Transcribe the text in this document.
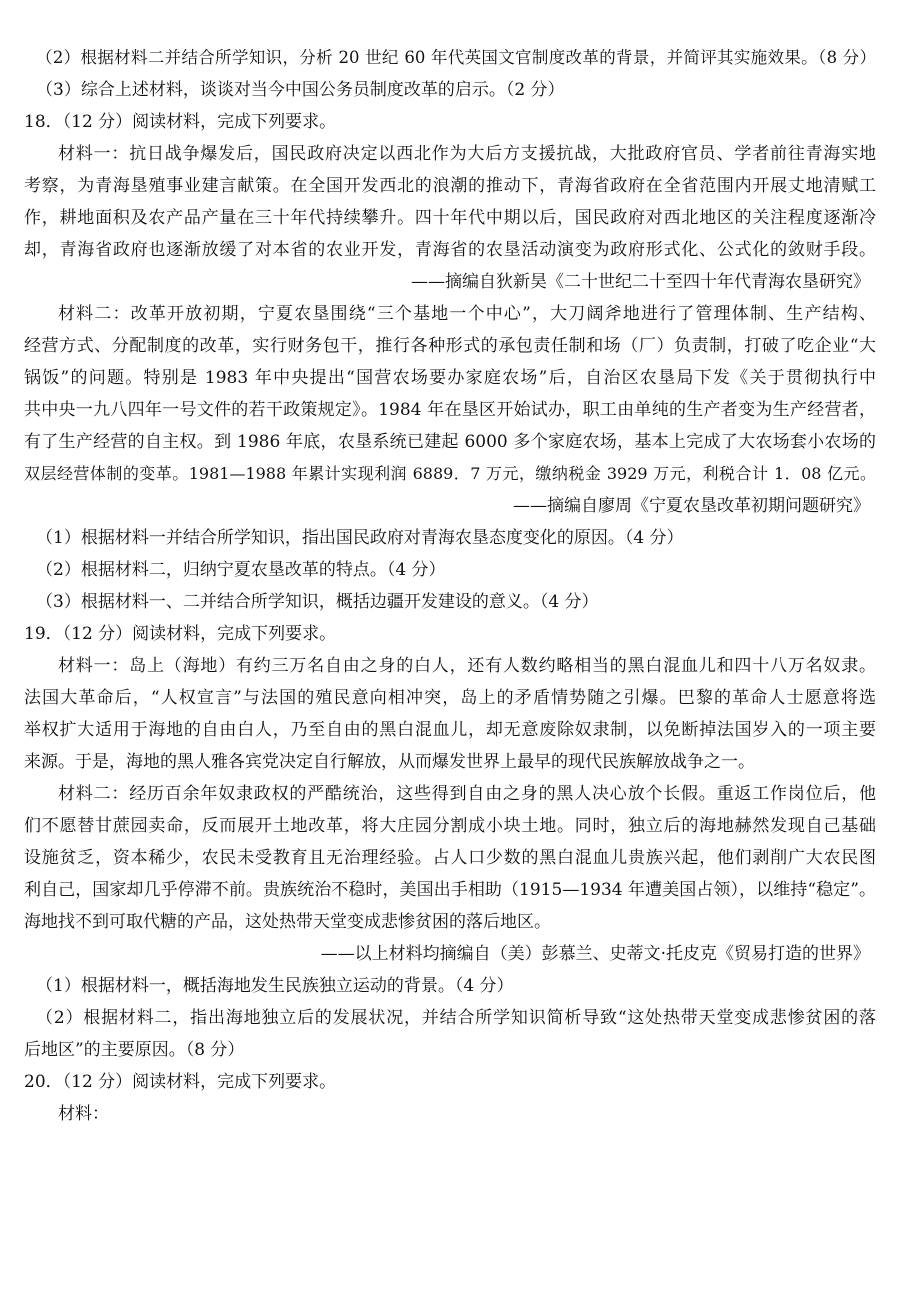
（2）根据材料二并结合所学知识，分析 20 世纪 60 年代英国文官制度改革的背景，并简评其实施效果。（8 分）
（3）综合上述材料，谈谈对当今中国公务员制度改革的启示。（2 分）
18．（12 分）阅读材料，完成下列要求。
材料一：抗日战争爆发后，国民政府决定以西北作为大后方支援抗战，大批政府官员、学者前往青海实地
考察，为青海垦殖事业建言献策。在全国开发西北的浪潮的推动下，青海省政府在全省范围内开展丈地清赋工
作，耕地面积及农产品产量在三十年代持续攀升。四十年代中期以后，国民政府对西北地区的关注程度逐渐冷
却，青海省政府也逐渐放缓了对本省的农业开发，青海省的农垦活动演变为政府形式化、公式化的敛财手段。
——摘编自狄新昊《二十世纪二十至四十年代青海农垦研究》
材料二：改革开放初期，宁夏农垦围绕“三个基地一个中心”，大刀阔斧地进行了管理体制、生产结构、
经营方式、分配制度的改革，实行财务包干，推行各种形式的承包责任制和场（厂）负责制，打破了吃企业“大
锅饭”的问题。特别是 1983 年中央提出“国营农场要办家庭农场”后，自治区农垦局下发《关于贯彻执行中
共中央一九八四年一号文件的若干政策规定》。1984 年在垦区开始试办，职工由单纯的生产者变为生产经营者，
有了生产经营的自主权。到 1986 年底，农垦系统已建起 6000 多个家庭农场，基本上完成了大农场套小农场的
双层经营体制的变革。1981—1988 年累计实现利润 6889．7 万元，缴纳税金 3929 万元，利税合计 1．08 亿元。
——摘编自廖周《宁夏农垦改革初期问题研究》
（1）根据材料一并结合所学知识，指出国民政府对青海农垦态度变化的原因。（4 分）
（2）根据材料二，归纳宁夏农垦改革的特点。（4 分）
（3）根据材料一、二并结合所学知识，概括边疆开发建设的意义。（4 分）
19．（12 分）阅读材料，完成下列要求。
材料一：岛上（海地）有约三万名自由之身的白人，还有人数约略相当的黑白混血儿和四十八万名奴隶。
法国大革命后，“人权宣言”与法国的殖民意向相冲突，岛上的矛盾情势随之引爆。巴黎的革命人士愿意将选
举权扩大适用于海地的自由白人，乃至自由的黑白混血儿，却无意废除奴隶制，以免断掉法国岁入的一项主要
来源。于是，海地的黑人雅各宾党决定自行解放，从而爆发世界上最早的现代民族解放战争之一。
材料二：经历百余年奴隶政权的严酷统治，这些得到自由之身的黑人决心放个长假。重返工作岗位后，他
们不愿替甘蔗园卖命，反而展开土地改革，将大庄园分割成小块土地。同时，独立后的海地赫然发现自己基础
设施贫乏，资本稀少，农民未受教育且无治理经验。占人口少数的黑白混血儿贵族兴起，他们剥削广大农民图
利自己，国家却几乎停滞不前。贵族统治不稳时，美国出手相助（1915—1934 年遭美国占领），以维持“稳定”。
海地找不到可取代糖的产品，这处热带天堂变成悲惨贫困的落后地区。
——以上材料均摘编自（美）彭慕兰、史蒂文·托皮克《贸易打造的世界》
（1）根据材料一，概括海地发生民族独立运动的背景。（4 分）
（2）根据材料二，指出海地独立后的发展状况，并结合所学知识简析导致“这处热带天堂变成悲惨贫困的落
后地区”的主要原因。（8 分）
20．（12 分）阅读材料，完成下列要求。
材料：
